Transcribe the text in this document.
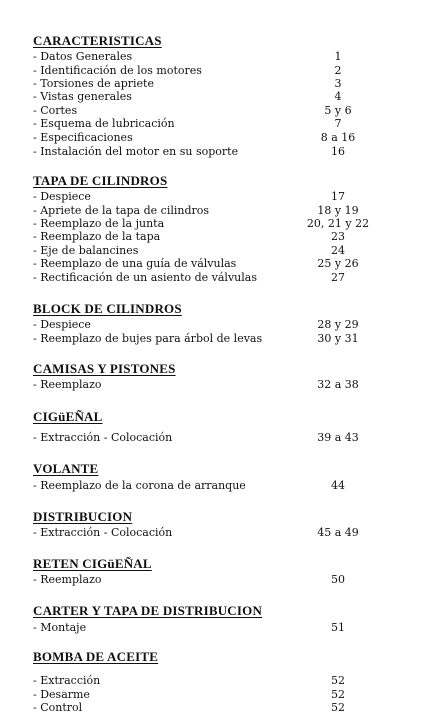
CARACTERISTICAS
- Datos Generales	1
- Identificación de los motores	2
- Torsiones de apriete	3
- Vistas generales	4
- Cortes	5 y 6
- Esquema de lubricación	7
- Especificaciones	8 a 16
- Instalación del motor en su soporte	16
TAPA DE CILINDROS
- Despiece	17
- Apriete de la tapa de cilindros	18 y 19
- Reemplazo de la junta	20, 21 y 22
- Reemplazo de la tapa	23
- Eje de balancines	24
- Reemplazo de una guía de válvulas	25 y 26
- Rectificación de un asiento de válvulas	27
BLOCK DE CILINDROS
- Despiece	28 y 29
- Reemplazo de bujes para árbol de levas	30 y 31
CAMISAS Y PISTONES
- Reemplazo	32 a 38
CIGüEÑAL
- Extracción - Colocación	39 a 43
VOLANTE
- Reemplazo de la corona de arranque	44
DISTRIBUCION
- Extracción - Colocación	45 a 49
RETEN CIGüEÑAL
- Reemplazo	50
CARTER Y TAPA DE DISTRIBUCION
- Montaje	51
BOMBA DE ACEITE
- Extracción	52
- Desarme	52
- Control	52
